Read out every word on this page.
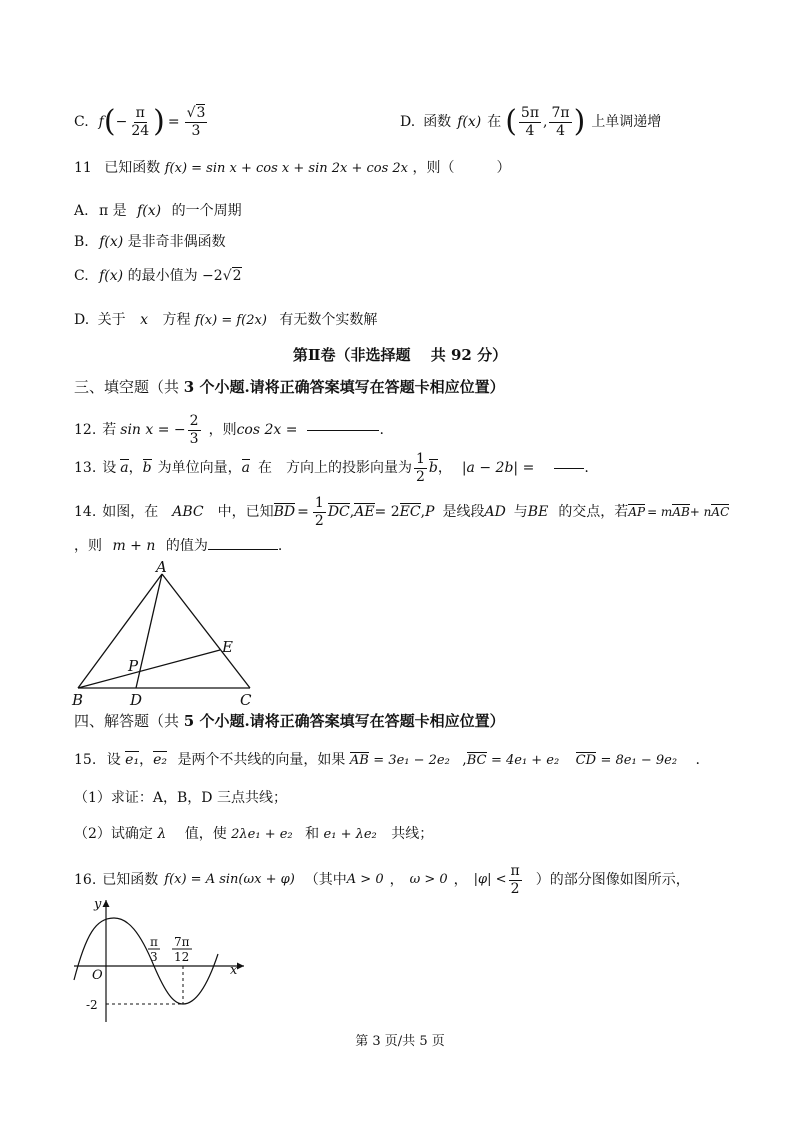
C. f ( − $\frac{\pi}{24}$ ) = $\frac{√3}{3}$	D. 函数 f(x) 在 ( $\frac{5\pi}{4}$ , $\frac{7\pi}{4}$ ) 上单调递增
11 已知函数 f(x) = sin x + cos x + sin 2x + cos 2x ，则（　　　）
A. π 是 f(x) 的一个周期
B. f(x) 是非奇非偶函数
C. f(x) 的最小值为 −2√2
D. 关于 x 方程 f(x) = f(2x) 有无数个实数解
第Ⅱ卷（非选择题　 共 92 分）
三、填空题（共 3 个小题.请将正确答案填写在答题卡相应位置）
12. 若 sin x = − $\frac{2}{3}$ ，则 cos 2x =	.
13. 设 a ， b 为单位向量， a 在 方向上的投影向量为 $\frac{1}{2}$ b ， |a − 2b| =	.
14. 如图，在 ABC 中，已知 BD = $\frac{1}{2}$ DC , AE = 2 EC , P 是线段 AD 与 BE 的交点，若 AP = m AB + n AC
，则 m + n 的值为	.
A
B	C
D
E
P
四、解答题（共 5 个小题.请将正确答案填写在答题卡相应位置）
15. 设 e₁，e₂ 是两个不共线的向量，如果 AB = 3e₁ − 2e₂ ,BC = 4e₁ + e₂ CD = 8e₁ − 9e₂ .
（1）求证：A，B，D 三点共线；
（2）试确定 λ 值，使 2λe₁ + e₂ 和 e₁ + λe₂ 共线；
16. 已知函数 f(x) = A sin(ωx + φ) （其中 A > 0 ， ω > 0 ， $|\varphi| < \frac{\pi}{2}$ ）的部分图像如图所示，
y
x
O
π
3
7π
12
-2
第 3 页/共 5 页
